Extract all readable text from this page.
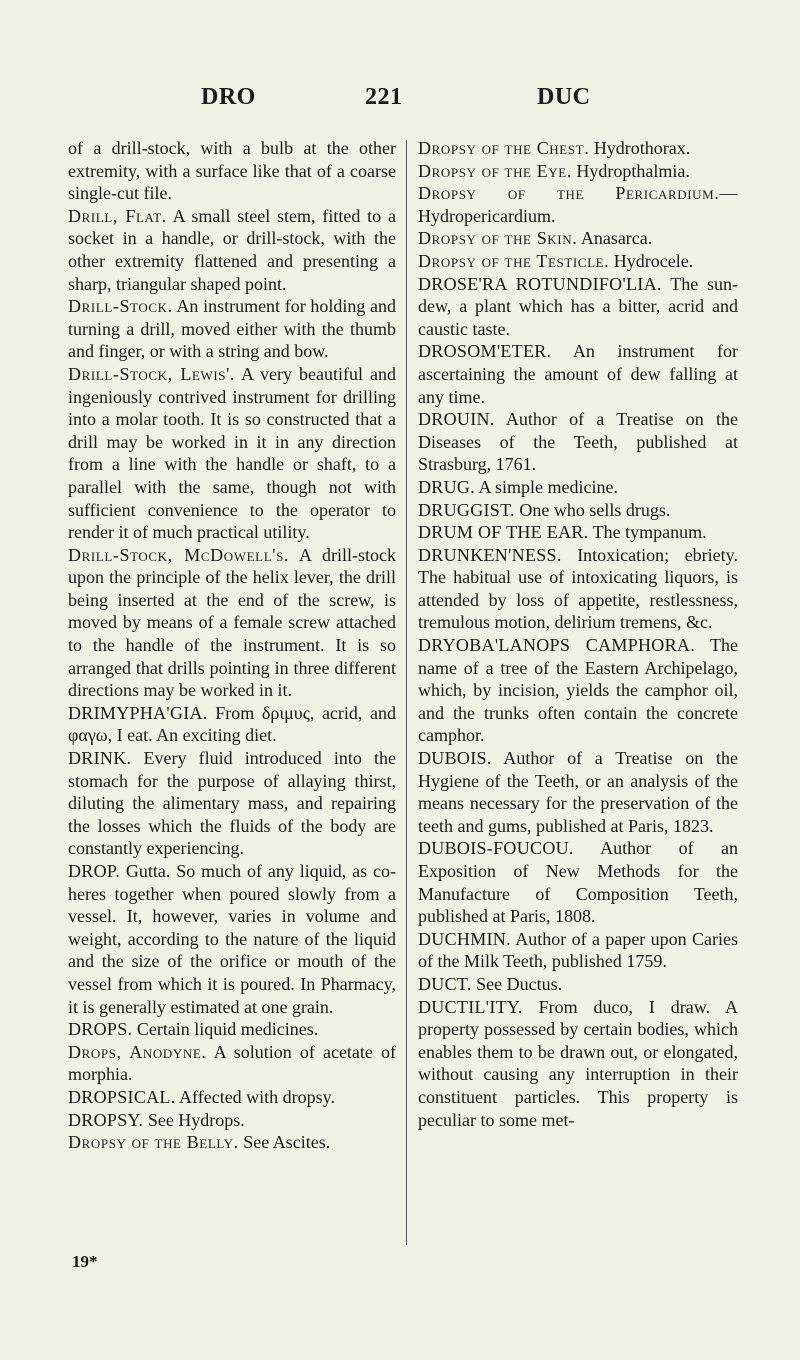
DRO	221	DUC

of a drill-stock, with a bulb at the other extremity, with a surface like that of a coarse single-cut file.

Drill, Flat. A small steel stem, fitted to a socket in a handle, or drill-stock, with the other extremity flattened and presenting a sharp, triangular shaped point.

Drill-Stock. An instrument for holding and turning a drill, moved either with the thumb and finger, or with a string and bow.

Drill-Stock, Lewis'. A very beautiful and ingeniously contrived instrument for drilling into a molar tooth. It is so constructed that a drill may be worked in it in any direction from a line with the handle or shaft, to a parallel with the same, though not with sufficient convenience to the operator to render it of much practical utility.

Drill-Stock, McDowell's. A drill-stock upon the principle of the helix lever, the drill being inserted at the end of the screw, is moved by means of a female screw attached to the handle of the instrument. It is so arranged that drills pointing in three different directions may be worked in it.

DRIMYPHA'GIA. From δριμυς, acrid, and φαγω, I eat. An exciting diet.

DRINK. Every fluid introduced into the stomach for the purpose of allaying thirst, diluting the alimentary mass, and repairing the losses which the fluids of the body are constantly experiencing.

DROP. Gutta. So much of any liquid, as co-heres together when poured slowly from a vessel. It, however, varies in volume and weight, according to the nature of the liquid and the size of the orifice or mouth of the vessel from which it is poured. In Pharmacy, it is generally estimated at one grain.

DROPS. Certain liquid medicines.

Drops, Anodyne. A solution of acetate of morphia.

DROPSICAL. Affected with dropsy.

DROPSY. See Hydrops.

Dropsy of the Belly. See Ascites.

Dropsy of the Chest. Hydrothorax.

Dropsy of the Eye. Hydropthalmia.

Dropsy of the Pericardium.— Hydropericardium.

Dropsy of the Skin. Anasarca.

Dropsy of the Testicle. Hydrocele.

DROSE'RA ROTUNDIFO'LIA. The sun-dew, a plant which has a bitter, acrid and caustic taste.

DROSOM'ETER. An instrument for ascertaining the amount of dew falling at any time.

DROUIN. Author of a Treatise on the Diseases of the Teeth, published at Strasburg, 1761.

DRUG. A simple medicine.

DRUGGIST. One who sells drugs.

DRUM OF THE EAR. The tympanum.

DRUNKEN'NESS. Intoxication; ebriety. The habitual use of intoxicating liquors, is attended by loss of appetite, restlessness, tremulous motion, delirium tremens, &c.

DRYOBA'LANOPS CAMPHORA. The name of a tree of the Eastern Archipelago, which, by incision, yields the camphor oil, and the trunks often contain the concrete camphor.

DUBOIS. Author of a Treatise on the Hygiene of the Teeth, or an analysis of the means necessary for the preservation of the teeth and gums, published at Paris, 1823.

DUBOIS-FOUCOU. Author of an Exposition of New Methods for the Manufacture of Composition Teeth, published at Paris, 1808.

DUCHMIN. Author of a paper upon Caries of the Milk Teeth, published 1759.

DUCT. See Ductus.

DUCTIL'ITY. From duco, I draw. A property possessed by certain bodies, which enables them to be drawn out, or elongated, without causing any interruption in their constituent particles. This property is peculiar to some met-

19*
